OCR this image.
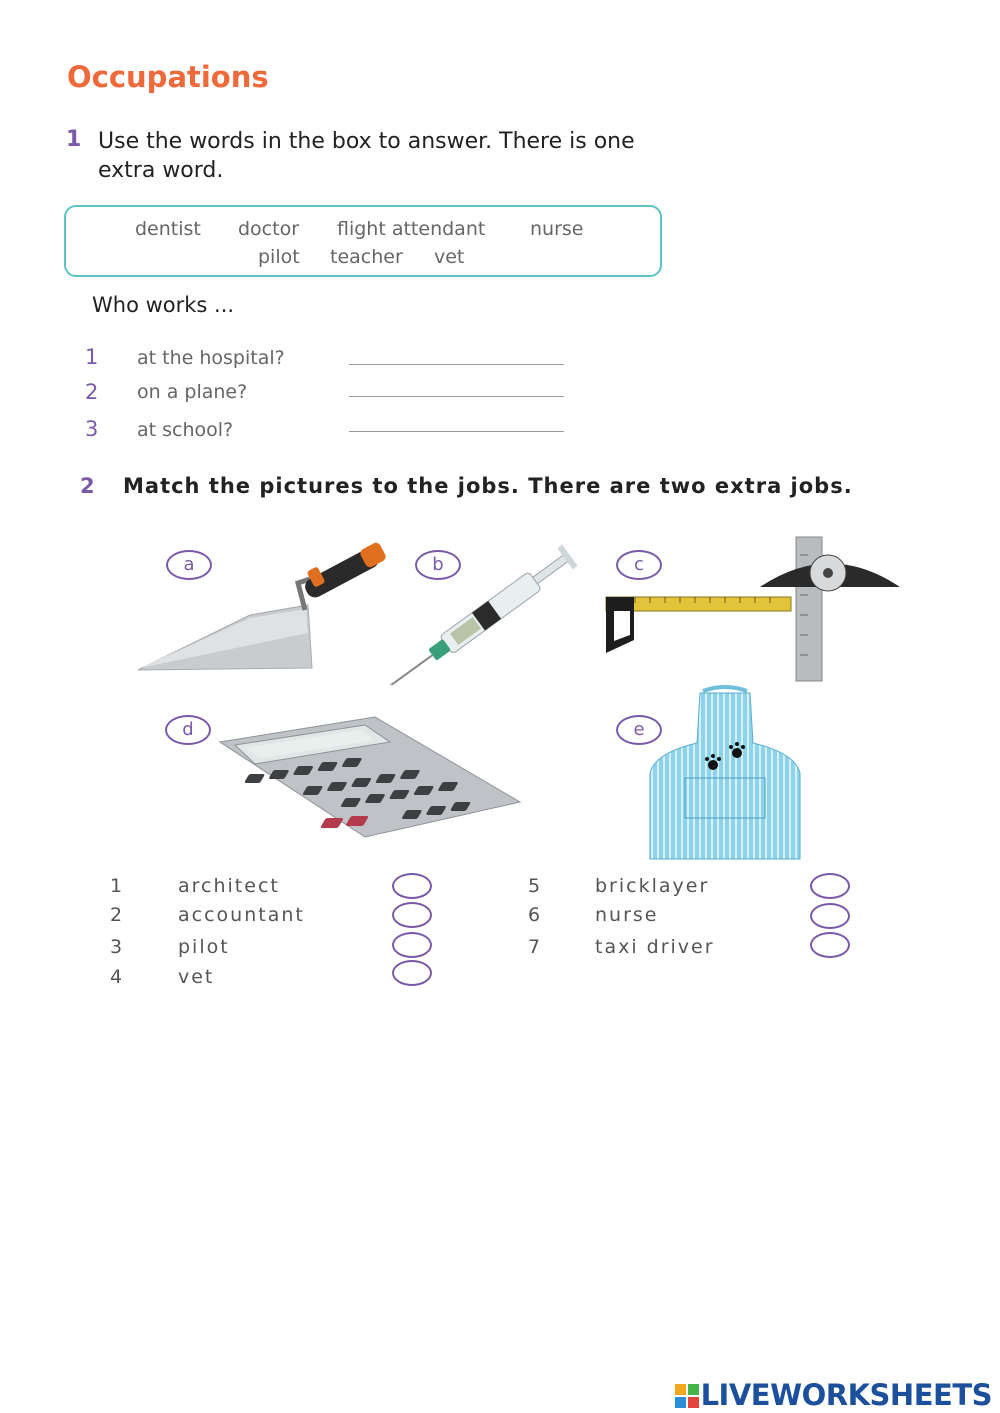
Occupations
1 Use the words in the box to answer. There is one extra word.
dentist doctor flight attendant nurse
pilot teacher vet
Who works ...
1 at the hospital?
2 on a plane?
3 at school?
2 Match the pictures to the jobs. There are two extra jobs.
a	b	c
d	e
1	architect
2	accountant
3	pilot
4	vet
5	bricklayer
6	nurse
7	taxi driver
LIVEWORKSHEETS
